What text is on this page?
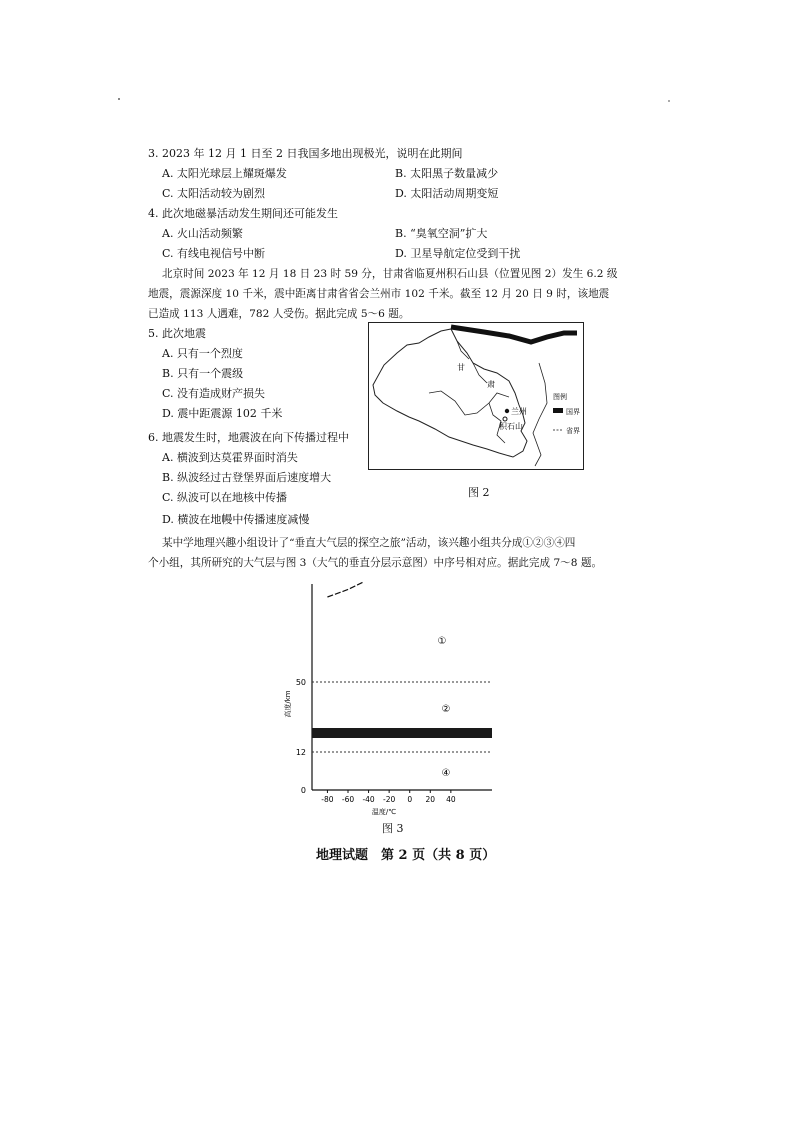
3. 2023 年 12 月 1 日至 2 日我国多地出现极光，说明在此期间
A. 太阳光球层上耀斑爆发	B. 太阳黑子数量减少
C. 太阳活动较为剧烈	D. 太阳活动周期变短
4. 此次地磁暴活动发生期间还可能发生
A. 火山活动频繁	B. “臭氧空洞”扩大
C. 有线电视信号中断	D. 卫星导航定位受到干扰
北京时间 2023 年 12 月 18 日 23 时 59 分，甘肃省临夏州积石山县（位置见图 2）发生 6.2 级
地震，震源深度 10 千米，震中距离甘肃省省会兰州市 102 千米。截至 12 月 20 日 9 时，该地震
已造成 113 人遇难，782 人受伤。据此完成 5～6 题。
5. 此次地震
A. 只有一个烈度
B. 只有一个震级
C. 没有造成财产损失
D. 震中距震源 102 千米
6. 地震发生时，地震波在向下传播过程中
A. 横波到达莫霍界面时消失
B. 纵波经过古登堡界面后速度增大
C. 纵波可以在地核中传播
D. 横波在地幔中传播速度减慢
甘
肃
兰州
积石山
图例
国界
省界
图 2
某中学地理兴趣小组设计了“垂直大气层的探空之旅”活动，该兴趣小组共分成①②③④四
个小组，其所研究的大气层与图 3（大气的垂直分层示意图）中序号相对应。据此完成 7～8 题。
-80 -60 -40 -20 0 20 40
50
12
0
高度/km
①
②
④
温度/℃
图 3
地理试题　第 2 页（共 8 页）
